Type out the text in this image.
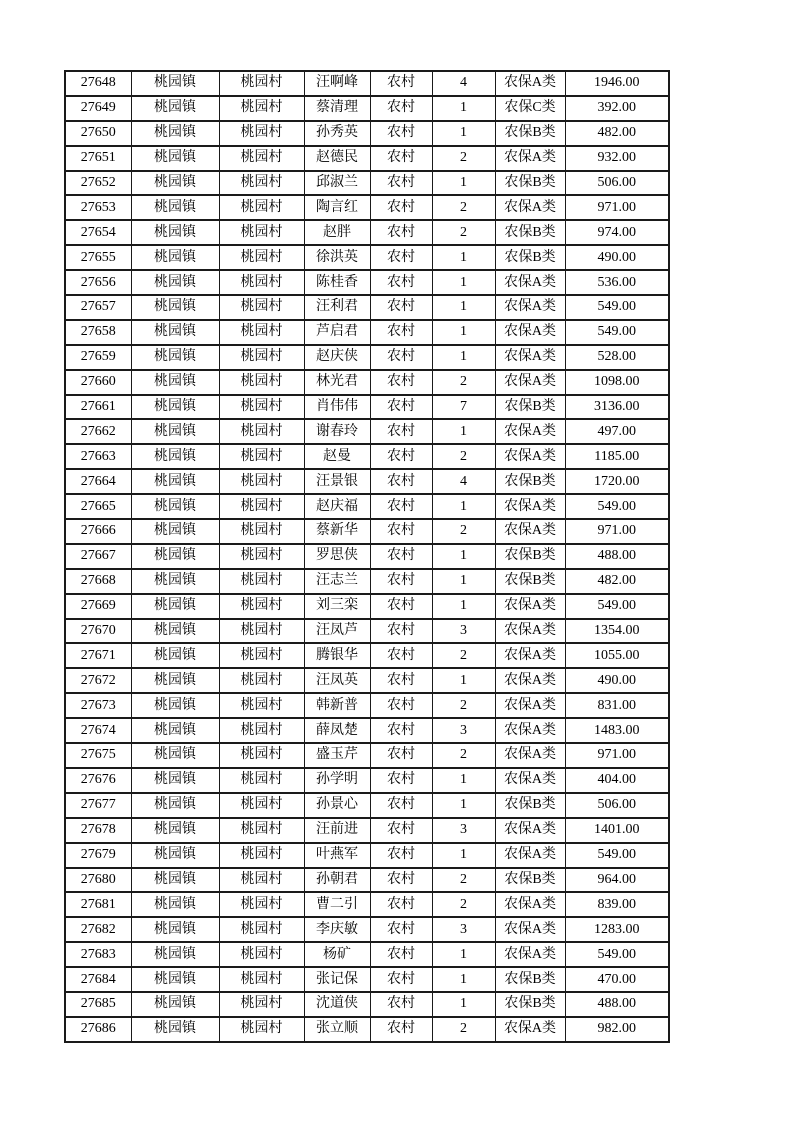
27648	桃园镇	桃园村	汪啊峰	农村	4	农保A类	1946.00
27649	桃园镇	桃园村	蔡清理	农村	1	农保C类	392.00
27650	桃园镇	桃园村	孙秀英	农村	1	农保B类	482.00
27651	桃园镇	桃园村	赵德民	农村	2	农保A类	932.00
27652	桃园镇	桃园村	邱淑兰	农村	1	农保B类	506.00
27653	桃园镇	桃园村	陶言红	农村	2	农保A类	971.00
27654	桃园镇	桃园村	赵胖	农村	2	农保B类	974.00
27655	桃园镇	桃园村	徐洪英	农村	1	农保B类	490.00
27656	桃园镇	桃园村	陈桂香	农村	1	农保A类	536.00
27657	桃园镇	桃园村	汪利君	农村	1	农保A类	549.00
27658	桃园镇	桃园村	芦启君	农村	1	农保A类	549.00
27659	桃园镇	桃园村	赵庆侠	农村	1	农保A类	528.00
27660	桃园镇	桃园村	林光君	农村	2	农保A类	1098.00
27661	桃园镇	桃园村	肖伟伟	农村	7	农保B类	3136.00
27662	桃园镇	桃园村	谢春玲	农村	1	农保A类	497.00
27663	桃园镇	桃园村	赵曼	农村	2	农保A类	1185.00
27664	桃园镇	桃园村	汪景银	农村	4	农保B类	1720.00
27665	桃园镇	桃园村	赵庆福	农村	1	农保A类	549.00
27666	桃园镇	桃园村	蔡新华	农村	2	农保A类	971.00
27667	桃园镇	桃园村	罗思侠	农村	1	农保B类	488.00
27668	桃园镇	桃园村	汪志兰	农村	1	农保B类	482.00
27669	桃园镇	桃园村	刘三栾	农村	1	农保A类	549.00
27670	桃园镇	桃园村	汪凤芦	农村	3	农保A类	1354.00
27671	桃园镇	桃园村	腾银华	农村	2	农保A类	1055.00
27672	桃园镇	桃园村	汪凤英	农村	1	农保A类	490.00
27673	桃园镇	桃园村	韩新普	农村	2	农保A类	831.00
27674	桃园镇	桃园村	薛凤楚	农村	3	农保A类	1483.00
27675	桃园镇	桃园村	盛玉芹	农村	2	农保A类	971.00
27676	桃园镇	桃园村	孙学明	农村	1	农保A类	404.00
27677	桃园镇	桃园村	孙景心	农村	1	农保B类	506.00
27678	桃园镇	桃园村	汪前进	农村	3	农保A类	1401.00
27679	桃园镇	桃园村	叶燕军	农村	1	农保A类	549.00
27680	桃园镇	桃园村	孙朝君	农村	2	农保B类	964.00
27681	桃园镇	桃园村	曹二引	农村	2	农保A类	839.00
27682	桃园镇	桃园村	李庆敏	农村	3	农保A类	1283.00
27683	桃园镇	桃园村	杨矿	农村	1	农保A类	549.00
27684	桃园镇	桃园村	张记保	农村	1	农保B类	470.00
27685	桃园镇	桃园村	沈道侠	农村	1	农保B类	488.00
27686	桃园镇	桃园村	张立顺	农村	2	农保A类	982.00
